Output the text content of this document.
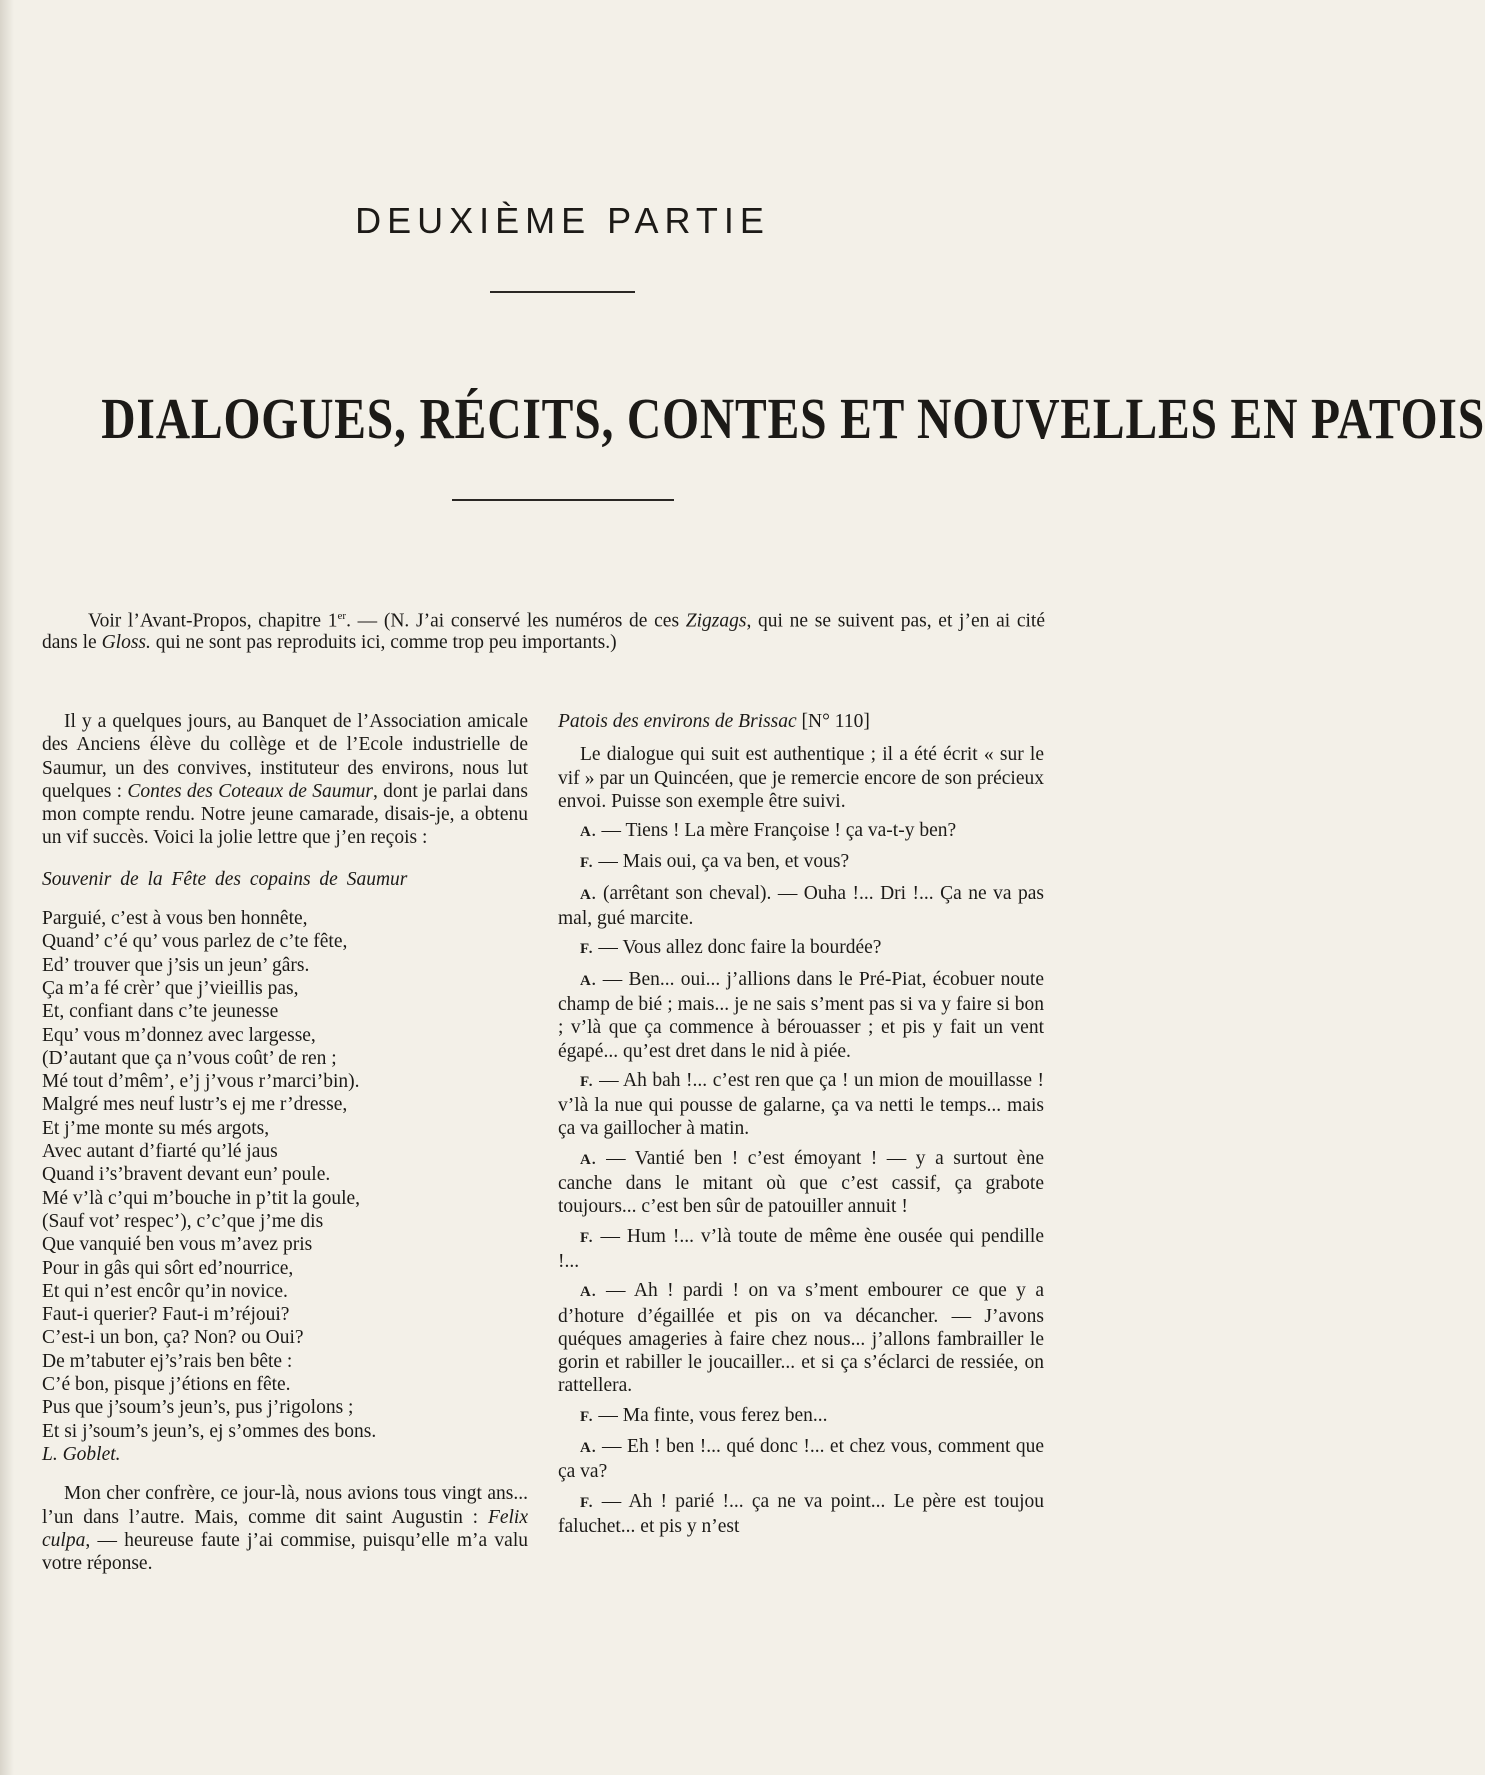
DEUXIÈME PARTIE
DIALOGUES, RÉCITS, CONTES ET NOUVELLES EN PATOIS

Voir l’Avant-Propos, chapitre 1er. — (N. J’ai conservé les numéros de ces Zigzags, qui ne se suivent pas, et j’en ai cité dans le Gloss. qui ne sont pas reproduits ici, comme trop peu importants.)

Il y a quelques jours, au Banquet de l’Association amicale des Anciens élève du collège et de l’Ecole industrielle de Saumur, un des convives, instituteur des environs, nous lut quelques : Contes des Coteaux de Saumur, dont je parlai dans mon compte rendu. Notre jeune camarade, disais-je, a obtenu un vif succès. Voici la jolie lettre que j’en reçois :

Souvenir de la Fête des copains de Saumur

Parguié, c’est à vous ben honnête,
Quand’ c’é qu’ vous parlez de c’te fête,
Ed’ trouver que j’sis un jeun’ gârs.
Ça m’a fé crèr’ que j’vieillis pas,
Et, confiant dans c’te jeunesse
Equ’ vous m’donnez avec largesse,
(D’autant que ça n’vous coût’ de ren ;
Mé tout d’mêm’, e’j j’vous r’marci’bin).
Malgré mes neuf lustr’s ej me r’dresse,
Et j’me monte su més argots,
Avec autant d’fiarté qu’lé jaus
Quand i’s’bravent devant eun’ poule.
Mé v’là c’qui m’bouche in p’tit la goule,
(Sauf vot’ respec’), c’c’que j’me dis
Que vanquié ben vous m’avez pris
Pour in gâs qui sôrt ed’nourrice,
Et qui n’est encôr qu’in novice.
Faut-i querier? Faut-i m’réjoui?
C’est-i un bon, ça? Non? ou Oui?
De m’tabuter ej’s’rais ben bête :
C’é bon, pisque j’étions en fête.
Pus que j’soum’s jeun’s, pus j’rigolons ;
Et si j’soum’s jeun’s, ej s’ommes des bons.

L. Goblet.

Mon cher confrère, ce jour-là, nous avions tous vingt ans... l’un dans l’autre. Mais, comme dit saint Augustin : Felix culpa, — heureuse faute j’ai commise, puisqu’elle m’a valu votre réponse.

Patois des environs de Brissac [N° 110]

Le dialogue qui suit est authentique ; il a été écrit « sur le vif » par un Quincéen, que je remercie encore de son précieux envoi. Puisse son exemple être suivi.

A. — Tiens ! La mère Françoise ! ça va-t-y ben?

F. — Mais oui, ça va ben, et vous?

A. (arrêtant son cheval). — Ouha !... Dri !... Ça ne va pas mal, gué marcite.

F. — Vous allez donc faire la bourdée?

A. — Ben... oui... j’allions dans le Pré-Piat, écobuer noute champ de bié ; mais... je ne sais s’ment pas si va y faire si bon ; v’là que ça commence à bérouasser ; et pis y fait un vent égapé... qu’est dret dans le nid à piée.

F. — Ah bah !... c’est ren que ça ! un mion de mouillasse ! v’là la nue qui pousse de galarne, ça va netti le temps... mais ça va gaillocher à matin.

A. — Vantié ben ! c’est émoyant ! — y a surtout ène canche dans le mitant où que c’est cassif, ça grabote toujours... c’est ben sûr de patouiller annuit !

F. — Hum !... v’là toute de même ène ousée qui pendille !...

A. — Ah ! pardi ! on va s’ment embourer ce que y a d’hoture d’égaillée et pis on va décancher. — J’avons quéques amageries à faire chez nous... j’allons fambrailler le gorin et rabiller le joucailler... et si ça s’éclarci de ressiée, on rattellera.

F. — Ma finte, vous ferez ben...

A. — Eh ! ben !... qué donc !... et chez vous, comment que ça va?

F. — Ah ! parié !... ça ne va point... Le père est toujou faluchet... et pis y n’est
